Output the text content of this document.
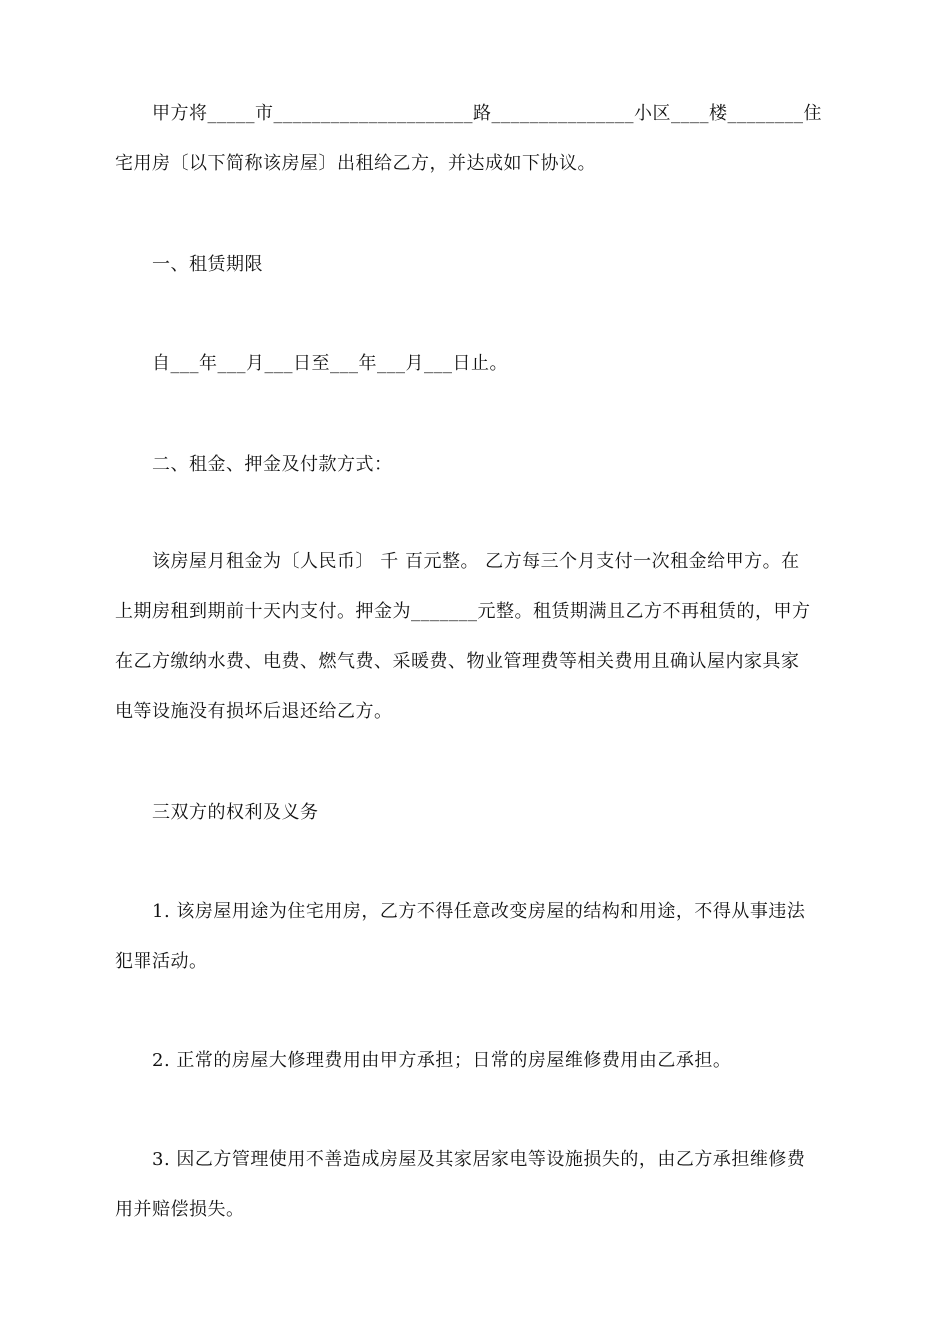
甲方将_____市_____________________路_______________小区____楼________住
宅用房〔以下简称该房屋〕出租给乙方，并达成如下协议。
一、租赁期限
自___年___月___日至___年___月___日止。
二、租金、押金及付款方式：
该房屋月租金为〔人民币〕 千 百元整。 乙方每三个月支付一次租金给甲方。在
上期房租到期前十天内支付。押金为_______元整。租赁期满且乙方不再租赁的，甲方
在乙方缴纳水费、电费、燃气费、采暖费、物业管理费等相关费用且确认屋内家具家
电等设施没有损坏后退还给乙方。
三双方的权利及义务
1. 该房屋用途为住宅用房，乙方不得任意改变房屋的结构和用途，不得从事违法
犯罪活动。
2. 正常的房屋大修理费用由甲方承担；日常的房屋维修费用由乙承担。
3. 因乙方管理使用不善造成房屋及其家居家电等设施损失的，由乙方承担维修费
用并赔偿损失。
